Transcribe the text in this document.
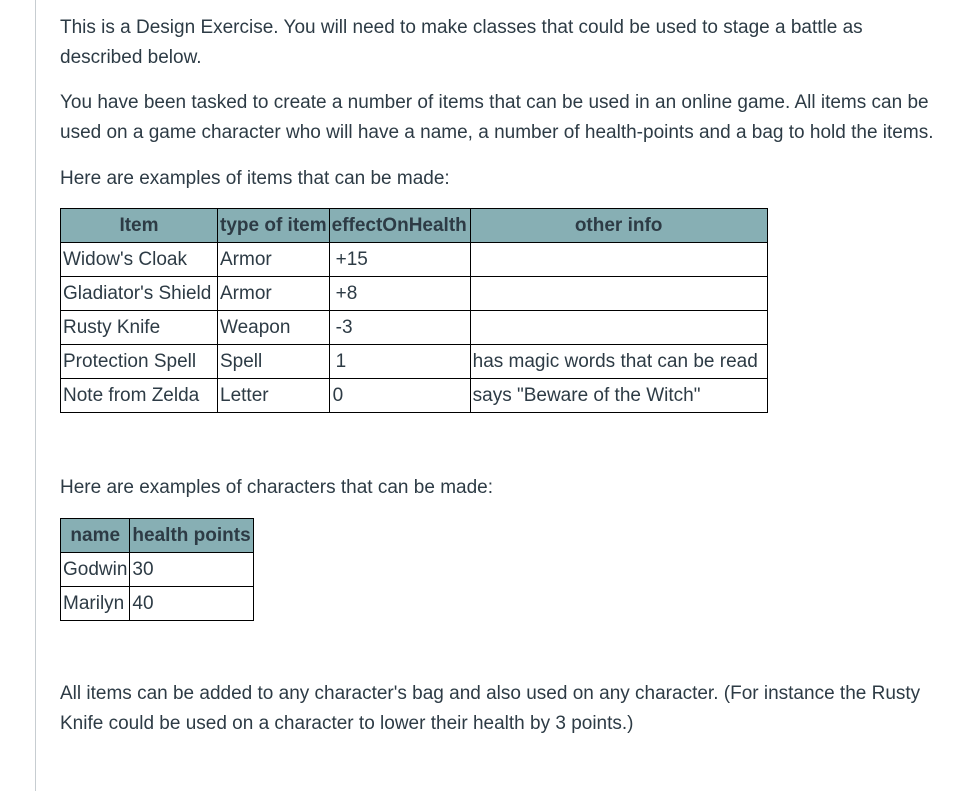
This is a Design Exercise. You will need to make classes that could be used to stage a battle as described below.

You have been tasked to create a number of items that can be used in an online game. All items can be used on a game character who will have a name, a number of health-points and a bag to hold the items.

Here are examples of items that can be made:

Item	type of item	effectOnHealth	other info
Widow's Cloak	Armor	+15	
Gladiator's Shield	Armor	+8	
Rusty Knife	Weapon	-3	
Protection Spell	Spell	1	has magic words that can be read
Note from Zelda	Letter	0	says "Beware of the Witch"

Here are examples of characters that can be made:

name	health points
Godwin	30
Marilyn	40

All items can be added to any character's bag and also used on any character. (For instance the Rusty Knife could be used on a character to lower their health by 3 points.)
